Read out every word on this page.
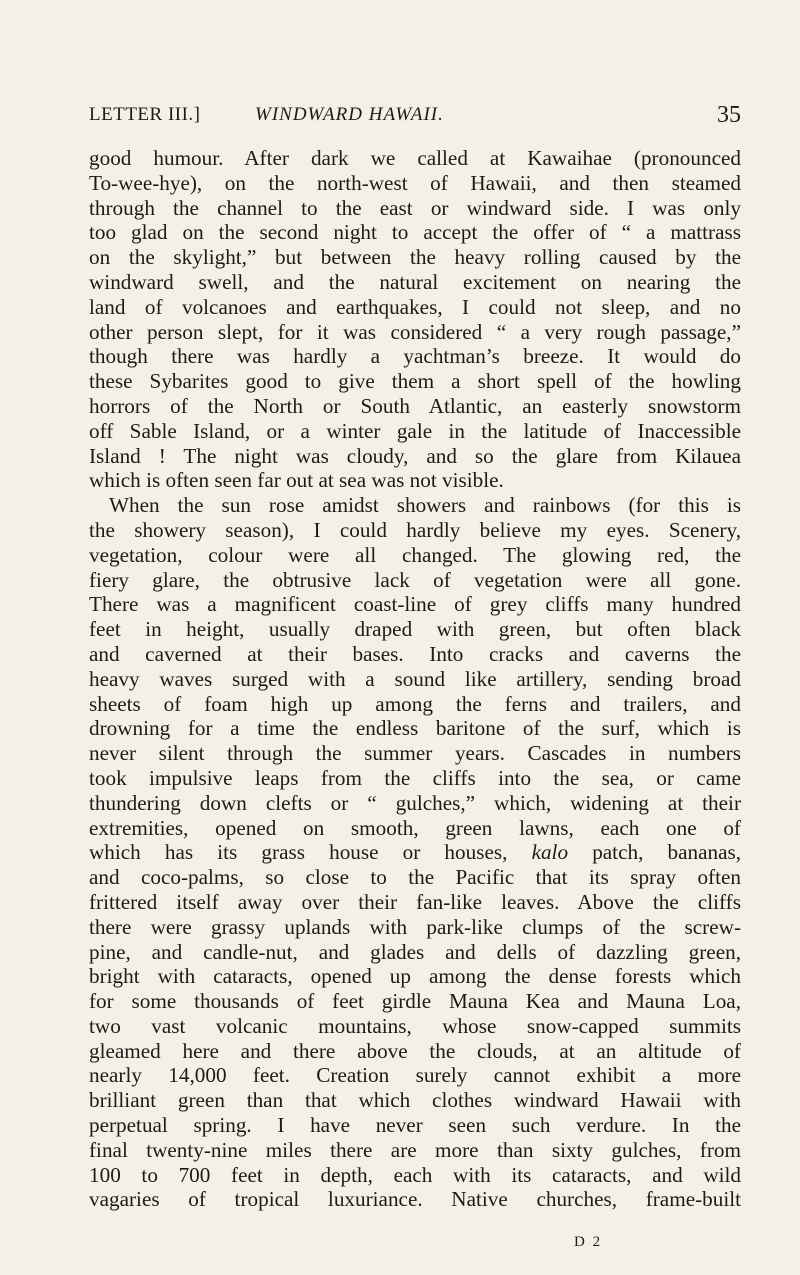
LETTER III.]	WINDWARD HAWAII.	35
good humour. After dark we called at Kawaihae (pronounced
To-wee-hye), on the north-west of Hawaii, and then steamed
through the channel to the east or windward side. I was only
too glad on the second night to accept the offer of “ a mattrass
on the skylight,” but between the heavy rolling caused by the
windward swell, and the natural excitement on nearing the
land of volcanoes and earthquakes, I could not sleep, and no
other person slept, for it was considered “ a very rough passage,”
though there was hardly a yachtman’s breeze. It would do
these Sybarites good to give them a short spell of the howling
horrors of the North or South Atlantic, an easterly snowstorm
off Sable Island, or a winter gale in the latitude of Inaccessible
Island ! The night was cloudy, and so the glare from Kilauea
which is often seen far out at sea was not visible.
When the sun rose amidst showers and rainbows (for this is
the showery season), I could hardly believe my eyes. Scenery,
vegetation, colour were all changed. The glowing red, the
fiery glare, the obtrusive lack of vegetation were all gone.
There was a magnificent coast-line of grey cliffs many hundred
feet in height, usually draped with green, but often black
and caverned at their bases. Into cracks and caverns the
heavy waves surged with a sound like artillery, sending broad
sheets of foam high up among the ferns and trailers, and
drowning for a time the endless baritone of the surf, which is
never silent through the summer years. Cascades in numbers
took impulsive leaps from the cliffs into the sea, or came
thundering down clefts or “ gulches,” which, widening at their
extremities, opened on smooth, green lawns, each one of
which has its grass house or houses, kalo patch, bananas,
and coco-palms, so close to the Pacific that its spray often
frittered itself away over their fan-like leaves. Above the cliffs
there were grassy uplands with park-like clumps of the screw-
pine, and candle-nut, and glades and dells of dazzling green,
bright with cataracts, opened up among the dense forests which
for some thousands of feet girdle Mauna Kea and Mauna Loa,
two vast volcanic mountains, whose snow-capped summits
gleamed here and there above the clouds, at an altitude of
nearly 14,000 feet. Creation surely cannot exhibit a more
brilliant green than that which clothes windward Hawaii with
perpetual spring. I have never seen such verdure. In the
final twenty-nine miles there are more than sixty gulches, from
100 to 700 feet in depth, each with its cataracts, and wild
vagaries of tropical luxuriance. Native churches, frame-built
D 2
